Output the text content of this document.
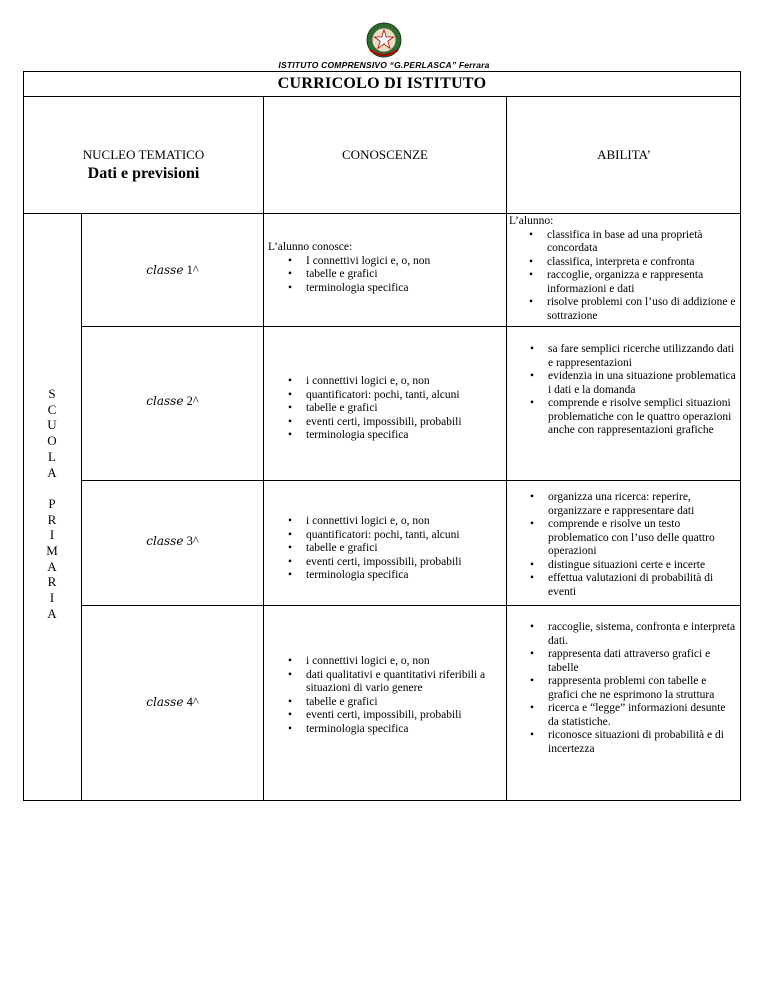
ISTITUTO COMPRENSIVO “G.PERLASCA” Ferrara
CURRICOLO DI ISTITUTO
NUCLEO TEMATICO
Dati e previsioni
CONOSCENZE	ABILITA’
S
C
U
O
L
A

P
R
I
M
A
R
I
A
classe 1^
classe 2^
classe 3^
classe 4^
L’alunno conosce:
• I connettivi logici e, o, non
• tabelle e grafici
• terminologia specifica
• i connettivi logici e, o, non
• quantificatori: pochi, tanti, alcuni
• tabelle e grafici
• eventi certi, impossibili, probabili
• terminologia specifica
• i connettivi logici e, o, non
• quantificatori: pochi, tanti, alcuni
• tabelle e grafici
• eventi certi, impossibili, probabili
• terminologia specifica
• i connettivi logici e, o, non
• dati qualitativi e quantitativi riferibili a situazioni di vario genere
• tabelle e grafici
• eventi certi, impossibili, probabili
• terminologia specifica
L’alunno:
• classifica in base ad una proprietà concordata
• classifica, interpreta e confronta
• raccoglie, organizza e rappresenta informazioni e dati
• risolve problemi con l’uso di addizione e sottrazione
• sa fare semplici ricerche utilizzando dati e rappresentazioni
• evidenzia in una situazione problematica i dati e la domanda
• comprende e risolve semplici situazioni problematiche con le quattro operazioni anche con rappresentazioni grafiche
• organizza una ricerca: reperire, organizzare e rappresentare dati
• comprende e risolve un testo problematico con l’uso delle quattro operazioni
• distingue situazioni certe e incerte
• effettua valutazioni di probabilità di eventi
• raccoglie, sistema, confronta e interpreta dati.
• rappresenta dati attraverso grafici e tabelle
• rappresenta problemi con tabelle e grafici che ne esprimono la struttura
• ricerca e “legge” informazioni desunte da statistiche.
• riconosce situazioni di probabilità e di incertezza
